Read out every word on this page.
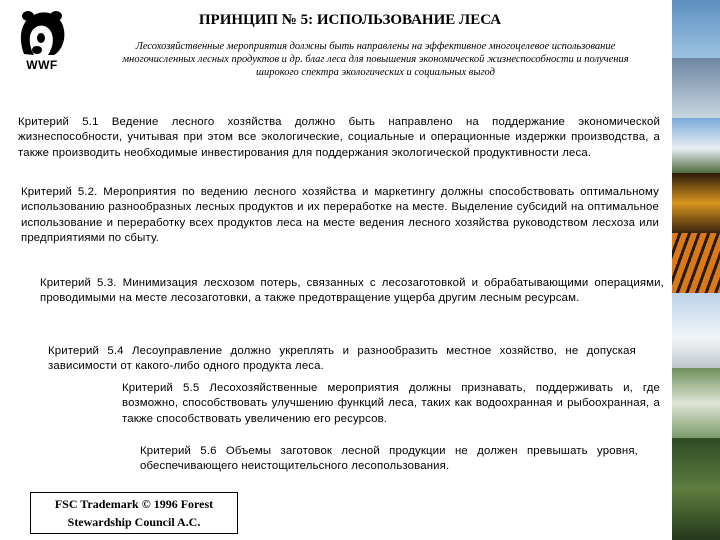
WWF
ПРИНЦИП № 5: ИСПОЛЬЗОВАНИЕ ЛЕСА
Лесохозяйственные мероприятия должны быть направлены на эффективное многоцелевое использование многочисленных лесных продуктов и др. благ леса для повышения экономической жизнеспособности и получения широкого спектра экологических и социальных выгод
Критерий 5.1 Ведение лесного хозяйства должно быть направлено на поддержание экономической жизнеспособности, учитывая при этом все экологические, социальные и операционные издержки производства, а также производить необходимые инвестирования для поддержания экологической продуктивности леса.
Критерий 5.2. Мероприятия по ведению лесного хозяйства и маркетингу должны способствовать оптимальному использованию разнообразных лесных продуктов и их переработке на месте. Выделение субсидий на оптимальное использование и переработку всех продуктов леса на месте ведения лесного хозяйства руководством лесхоза или предприятиями по сбыту.
Критерий 5.3. Минимизация лесхозом потерь, связанных с лесозаготовкой и обрабатывающими операциями, проводимыми на месте лесозаготовки, а также предотвращение ущерба другим лесным ресурсам.
Критерий 5.4 Лесоуправление должно укреплять и разнообразить местное хозяйство, не допуская зависимости от какого-либо одного продукта леса.
Критерий 5.5 Лесохозяйственные мероприятия должны признавать, поддерживать и, где возможно, способствовать улучшению функций леса, таких как водоохранная и рыбоохранная, а также способствовать увеличению его ресурсов.
Критерий 5.6 Объемы заготовок лесной продукции не должен превышать уровня, обеспечивающего неистощительсного лесопользования.
FSC Trademark © 1996 Forest
Stewardship Council A.C.
